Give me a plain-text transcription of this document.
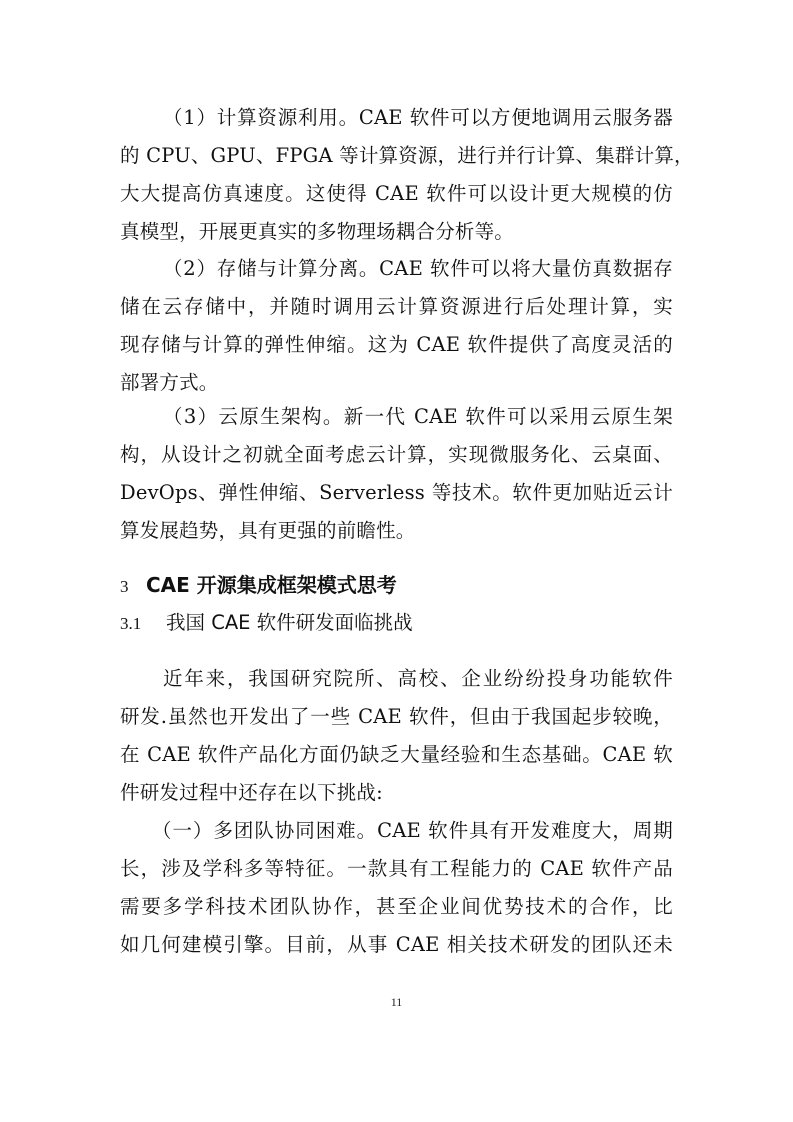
（1）计算资源利用。CAE 软件可以方便地调用云服务器
的 CPU、GPU、FPGA 等计算资源，进行并行计算、集群计算，
大大提高仿真速度。这使得 CAE 软件可以设计更大规模的仿
真模型，开展更真实的多物理场耦合分析等。
（2）存储与计算分离。CAE 软件可以将大量仿真数据存
储在云存储中，并随时调用云计算资源进行后处理计算，实
现存储与计算的弹性伸缩。这为 CAE 软件提供了高度灵活的
部署方式。
（3）云原生架构。新一代 CAE 软件可以采用云原生架
构，从设计之初就全面考虑云计算，实现微服务化、云桌面、
DevOps、弹性伸缩、Serverless 等技术。软件更加贴近云计
算发展趋势，具有更强的前瞻性。
3 CAE 开源集成框架模式思考
3.1 我国 CAE 软件研发面临挑战
近年来，我国研究院所、高校、企业纷纷投身功能软件
研发.虽然也开发出了一些 CAE 软件，但由于我国起步较晚，
在 CAE 软件产品化方面仍缺乏大量经验和生态基础。CAE 软
件研发过程中还存在以下挑战:
（一）多团队协同困难。CAE 软件具有开发难度大，周期
长，涉及学科多等特征。一款具有工程能力的 CAE 软件产品
需要多学科技术团队协作，甚至企业间优势技术的合作，比
如几何建模引擎。目前，从事 CAE 相关技术研发的团队还未
11
